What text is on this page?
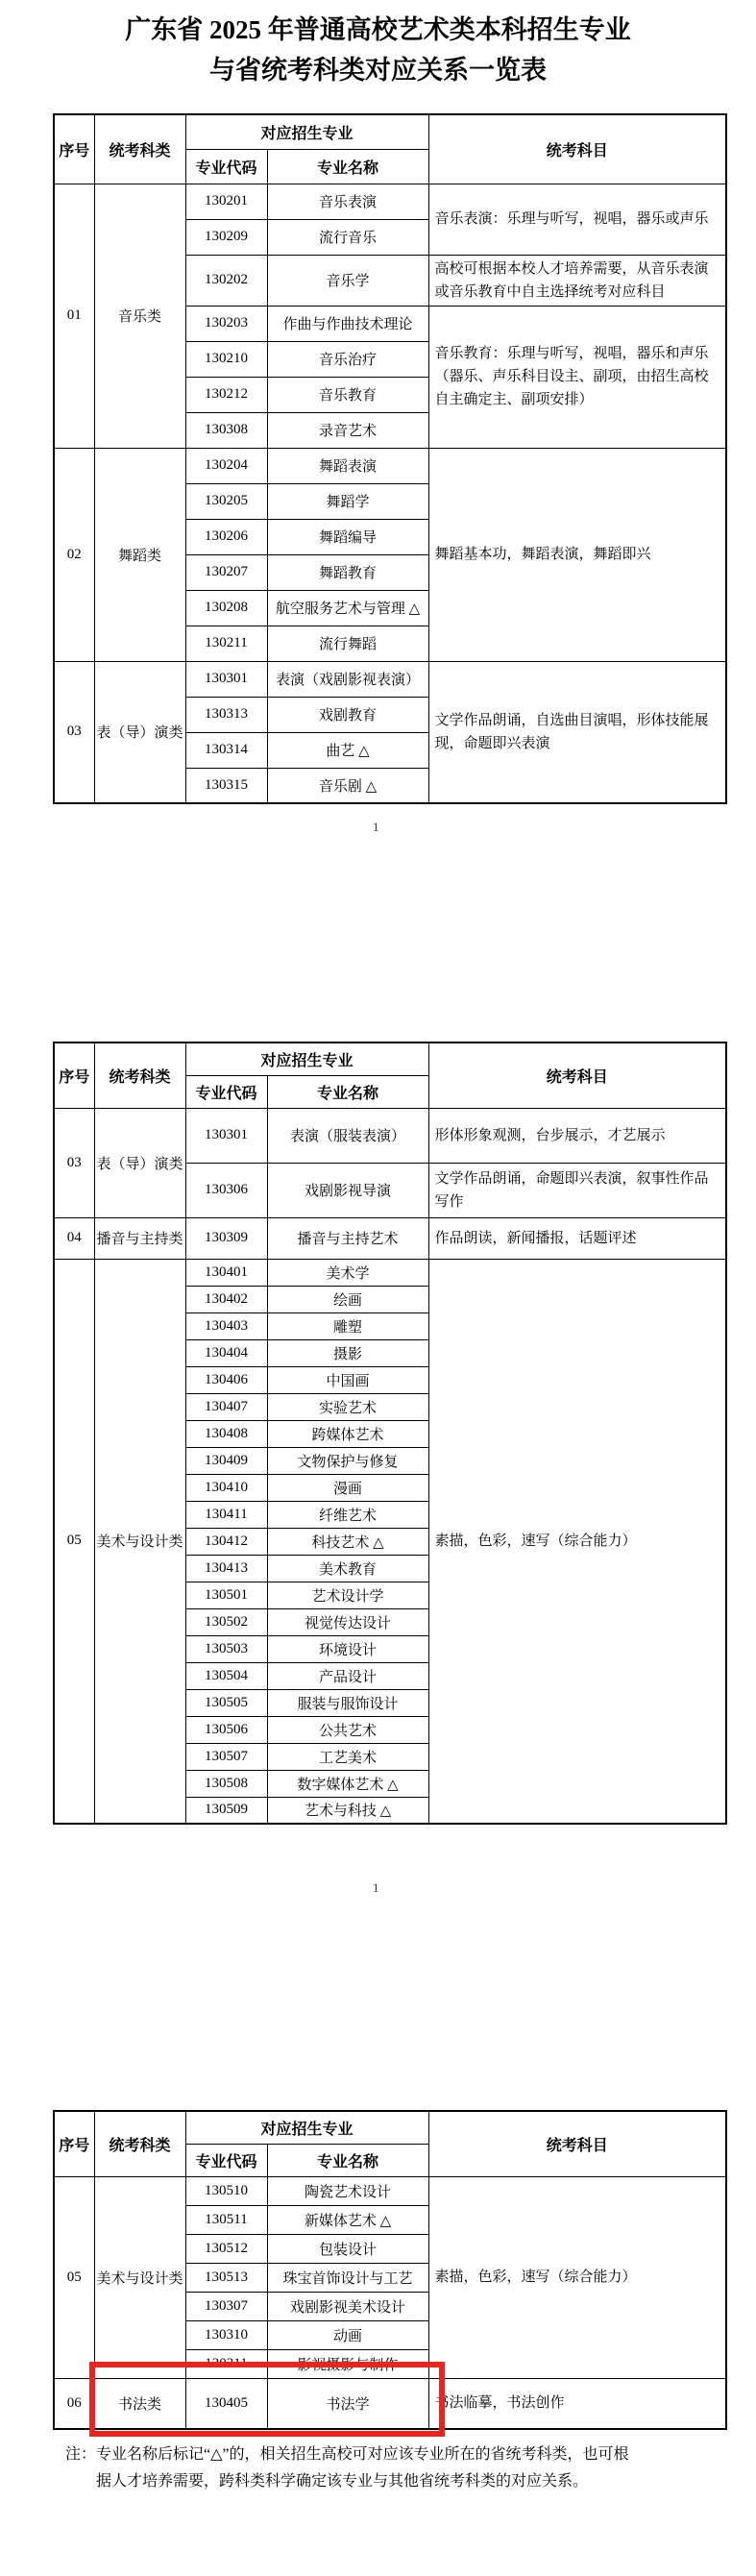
广东省 2025 年普通高校艺术类本科招生专业
与省统考科类对应关系一览表
序号	统考科类	对应招生专业		统考科目
		专业代码	专业名称	
01	音乐类	130201	音乐表演	音乐表演：乐理与听写，视唱，器乐或声乐
		130209	流行音乐	
		130202	音乐学	高校可根据本校人才培养需要，从音乐表演或音乐教育中自主选择统考对应科目
		130203	作曲与作曲技术理论	音乐教育：乐理与听写，视唱，器乐和声乐（器乐、声乐科目设主、副项，由招生高校自主确定主、副项安排）
		130210	音乐治疗	
		130212	音乐教育	
		130308	录音艺术	
02	舞蹈类	130204	舞蹈表演	舞蹈基本功，舞蹈表演，舞蹈即兴
		130205	舞蹈学	
		130206	舞蹈编导	
		130207	舞蹈教育	
		130208	航空服务艺术与管理 △	
		130211	流行舞蹈	
03	表（导）演类	130301	表演（戏剧影视表演）	文学作品朗诵，自选曲目演唱，形体技能展现，命题即兴表演
		130313	戏剧教育	
		130314	曲艺 △	
		130315	音乐剧 △	
1
序号	统考科类	对应招生专业		统考科目
		专业代码	专业名称	
03	表（导）演类	130301	表演（服装表演）	形体形象观测，台步展示，才艺展示
		130306	戏剧影视导演	文学作品朗诵，命题即兴表演，叙事性作品写作
04	播音与主持类	130309	播音与主持艺术	作品朗读，新闻播报，话题评述
05	美术与设计类	130401	美术学	素描，色彩，速写（综合能力）
		130402	绘画	
		130403	雕塑	
		130404	摄影	
		130406	中国画	
		130407	实验艺术	
		130408	跨媒体艺术	
		130409	文物保护与修复	
		130410	漫画	
		130411	纤维艺术	
		130412	科技艺术 △	
		130413	美术教育	
		130501	艺术设计学	
		130502	视觉传达设计	
		130503	环境设计	
		130504	产品设计	
		130505	服装与服饰设计	
		130506	公共艺术	
		130507	工艺美术	
		130508	数字媒体艺术 △	
		130509	艺术与科技 △	
1
序号	统考科类	对应招生专业		统考科目
		专业代码	专业名称	
05	美术与设计类	130510	陶瓷艺术设计	素描，色彩，速写（综合能力）
		130511	新媒体艺术 △	
		130512	包装设计	
		130513	珠宝首饰设计与工艺	
		130307	戏剧影视美术设计	
		130310	动画	
		130311	影视摄影与制作	
06	书法类	130405	书法学	书法临摹，书法创作
注：专业名称后标记“△”的，相关招生高校可对应该专业所在的省统考科类，也可根
据人才培养需要，跨科类科学确定该专业与其他省统考科类的对应关系。
